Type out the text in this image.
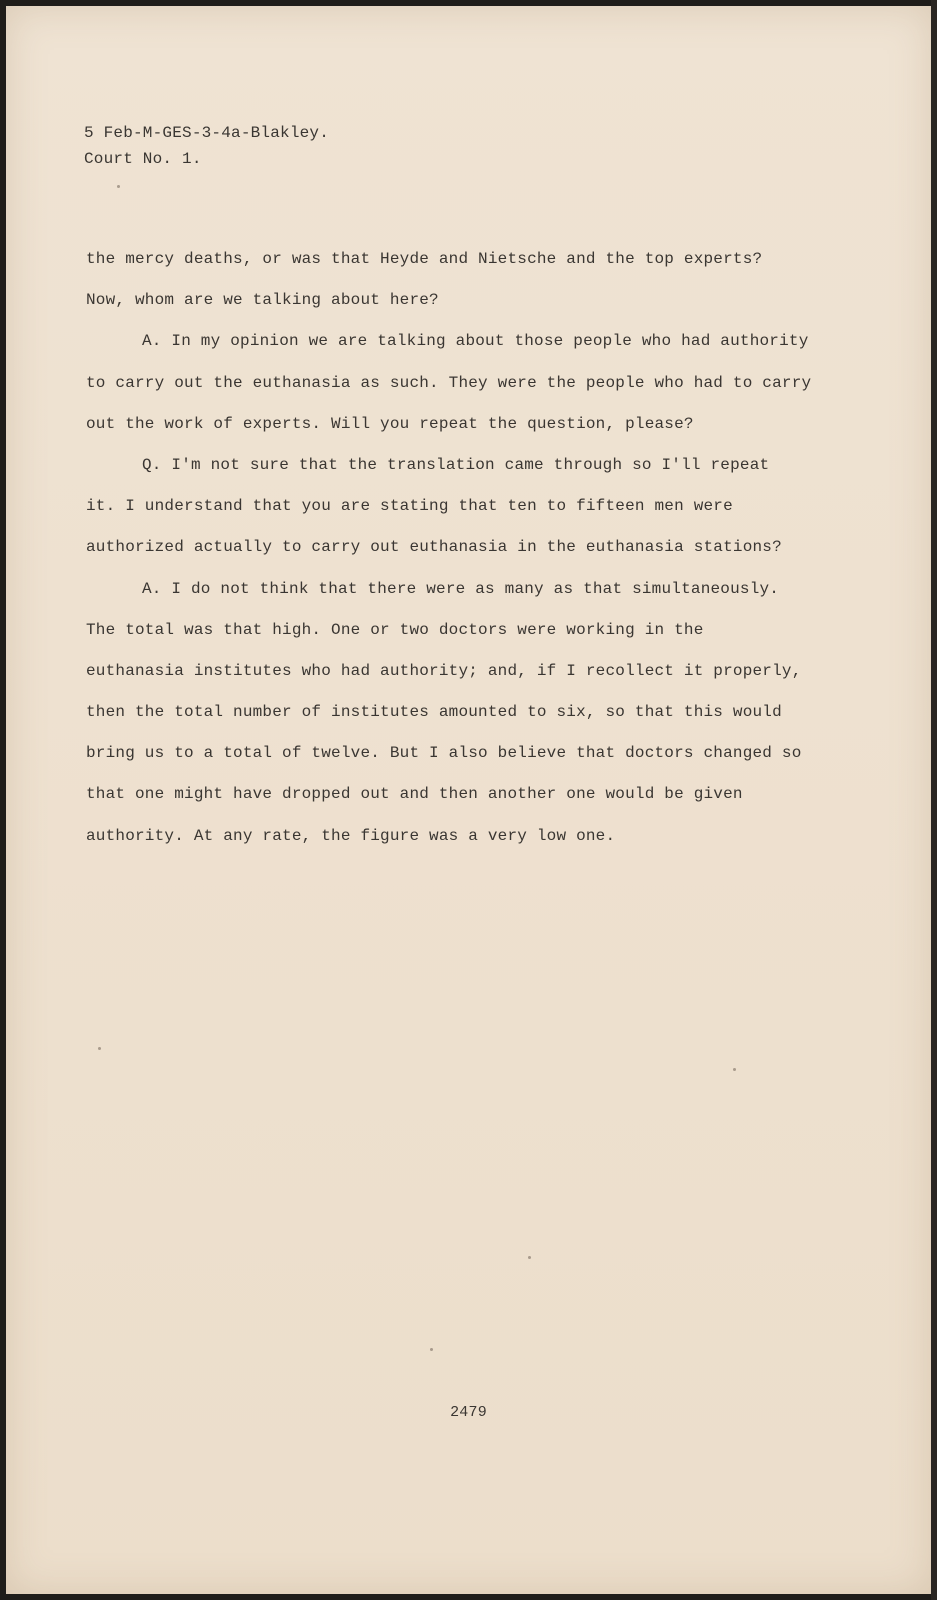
5 Feb-M-GES-3-4a-Blakley.
Court No. 1.
the mercy deaths, or was that Heyde and Nietsche and the top experts?
Now, whom are we talking about here?
A. In my opinion we are talking about those people who had authority
to carry out the euthanasia as such. They were the people who had to carry
out the work of experts. Will you repeat the question, please?
Q. I'm not sure that the translation came through so I'll repeat
it. I understand that you are stating that ten to fifteen men were
authorized actually to carry out euthanasia in the euthanasia stations?
A. I do not think that there were as many as that simultaneously.
The total was that high. One or two doctors were working in the
euthanasia institutes who had authority; and, if I recollect it properly,
then the total number of institutes amounted to six, so that this would
bring us to a total of twelve. But I also believe that doctors changed so
that one might have dropped out and then another one would be given
authority. At any rate, the figure was a very low one.
2479
